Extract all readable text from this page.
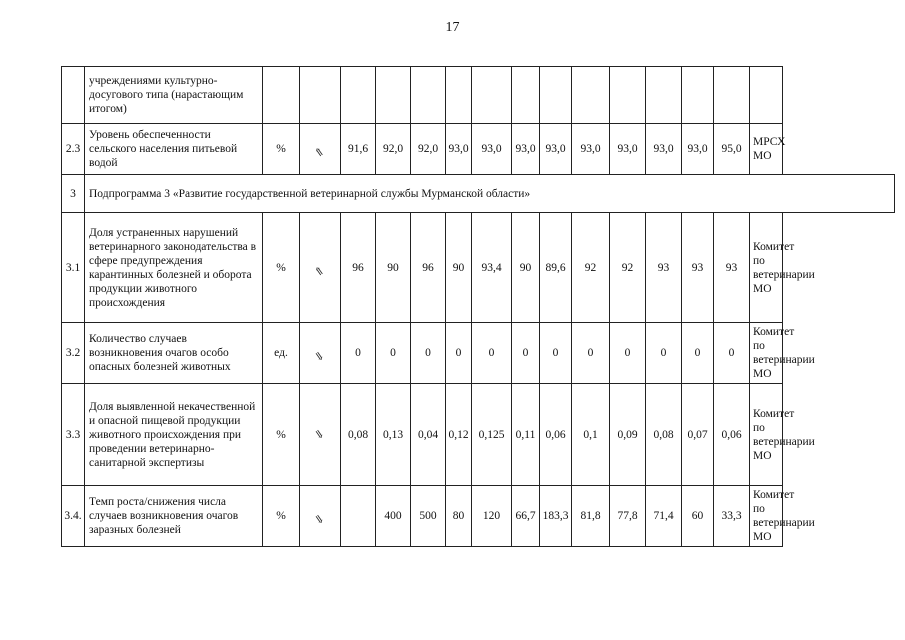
17
	учреждениями культурно-досугового типа (нарастающим итогом)															
2.3	Уровень обеспеченности сельского населения питьевой водой	%	⇑	91,6	92,0	92,0	93,0	93,0	93,0	93,0	93,0	93,0	93,0	93,0	95,0	МРСХ МО
3	Подпрограмма 3 «Развитие государственной ветеринарной службы Мурманской области»															
3.1	Доля устраненных нарушений ветеринарного законодательства в сфере предупреждения карантинных болезней и оборота продукции животного происхождения	%	⇑	96	90	96	90	93,4	90	89,6	92	92	93	93	93	Комитет по ветеринарии МО
3.2	Количество случаев возникновения очагов особо опасных болезней животных	ед.	⇓	0	0	0	0	0	0	0	0	0	0	0	0	Комитет по ветеринарии МО
3.3	Доля выявленной некачественной и опасной пищевой продукции животного происхождения при проведении ветеринарно-санитарной экспертизы	%	⇓	0,08	0,13	0,04	0,12	0,125	0,11	0,06	0,1	0,09	0,08	0,07	0,06	Комитет по ветеринарии МО
3.4.	Темп роста/снижения числа случаев возникновения очагов заразных болезней	%	⇓		400	500	80	120	66,7	183,3	81,8	77,8	71,4	60	33,3	Комитет по ветеринарии МО
